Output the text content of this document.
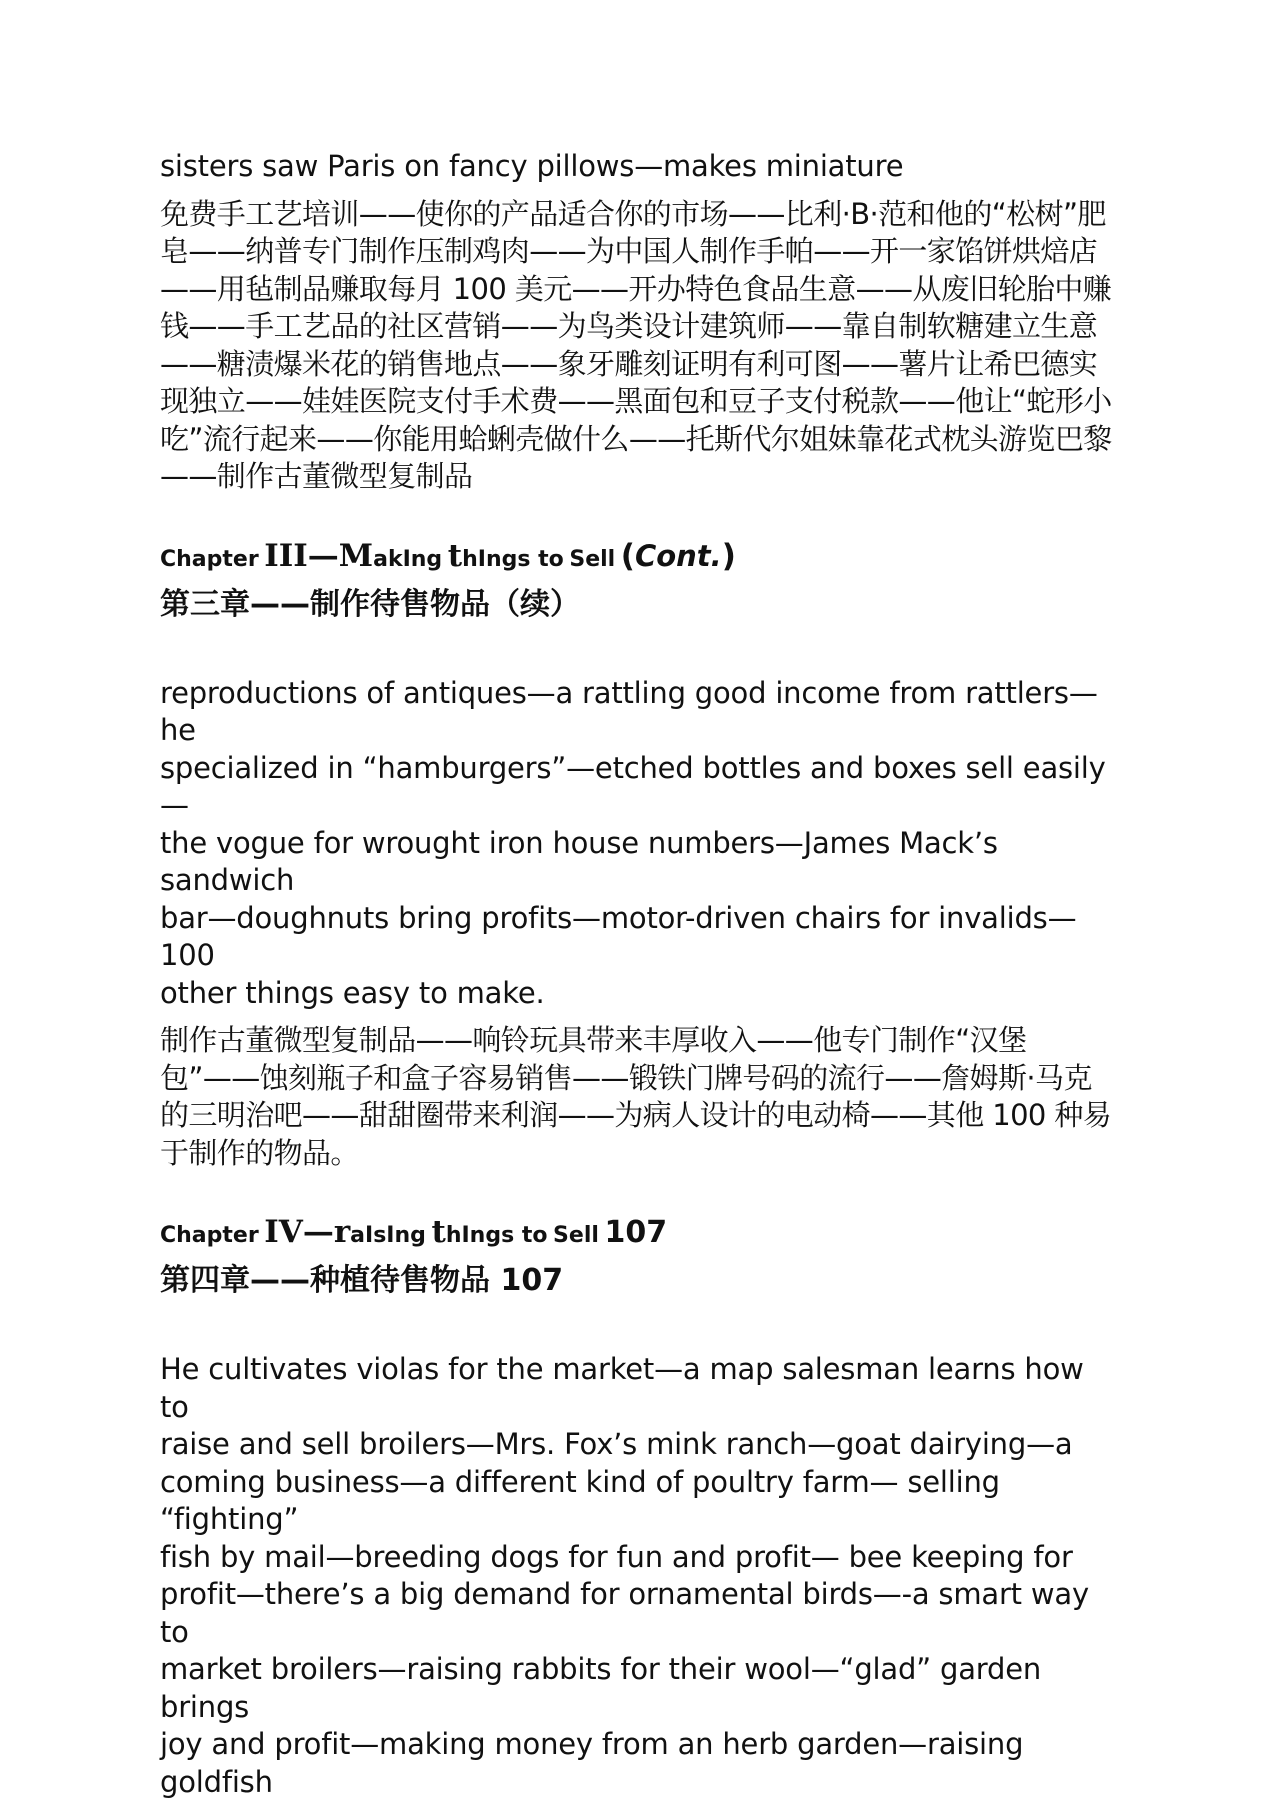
sisters saw Paris on fancy pillows—makes miniature

免费手工艺培训——使你的产品适合你的市场——比利·B·范和他的“松树”肥皂——纳普专门制作压制鸡肉——为中国人制作手帕——开一家馅饼烘焙店——用毡制品赚取每月 100 美元——开办特色食品生意——从废旧轮胎中赚钱——手工艺品的社区营销——为鸟类设计建筑师——靠自制软糖建立生意——糖渍爆米花的销售地点——象牙雕刻证明有利可图——薯片让希巴德实现独立——娃娃医院支付手术费——黑面包和豆子支付税款——他让“蛇形小吃”流行起来——你能用蛤蜊壳做什么——托斯代尔姐妹靠花式枕头游览巴黎——制作古董微型复制品

Chapter III—MakIng thIngs to Sell (Cont.)

第三章——制作待售物品（续）

reproductions of antiques—a rattling good income from rattlers— he

specialized in “hamburgers”—etched bottles and boxes sell easily—

the vogue for wrought iron house numbers—James Mack’s sandwich

bar—doughnuts bring profits—motor-driven chairs for invalids—100

other things easy to make.

制作古董微型复制品——响铃玩具带来丰厚收入——他专门制作“汉堡包”——蚀刻瓶子和盒子容易销售——锻铁门牌号码的流行——詹姆斯·马克的三明治吧——甜甜圈带来利润——为病人设计的电动椅——其他 100 种易于制作的物品。

Chapter IV—raIsIng thIngs to Sell 107

第四章——种植待售物品 107

He cultivates violas for the market—a map salesman learns how to

raise and sell broilers—Mrs. Fox’s mink ranch—goat dairying—a

coming business—a different kind of poultry farm— selling “fighting”

fish by mail—breeding dogs for fun and profit— bee keeping for

profit—there’s a big demand for ornamental birds—-a smart way to

market broilers—raising rabbits for their wool—“glad” garden brings

joy and profit—making money from an herb garden—raising goldfish
